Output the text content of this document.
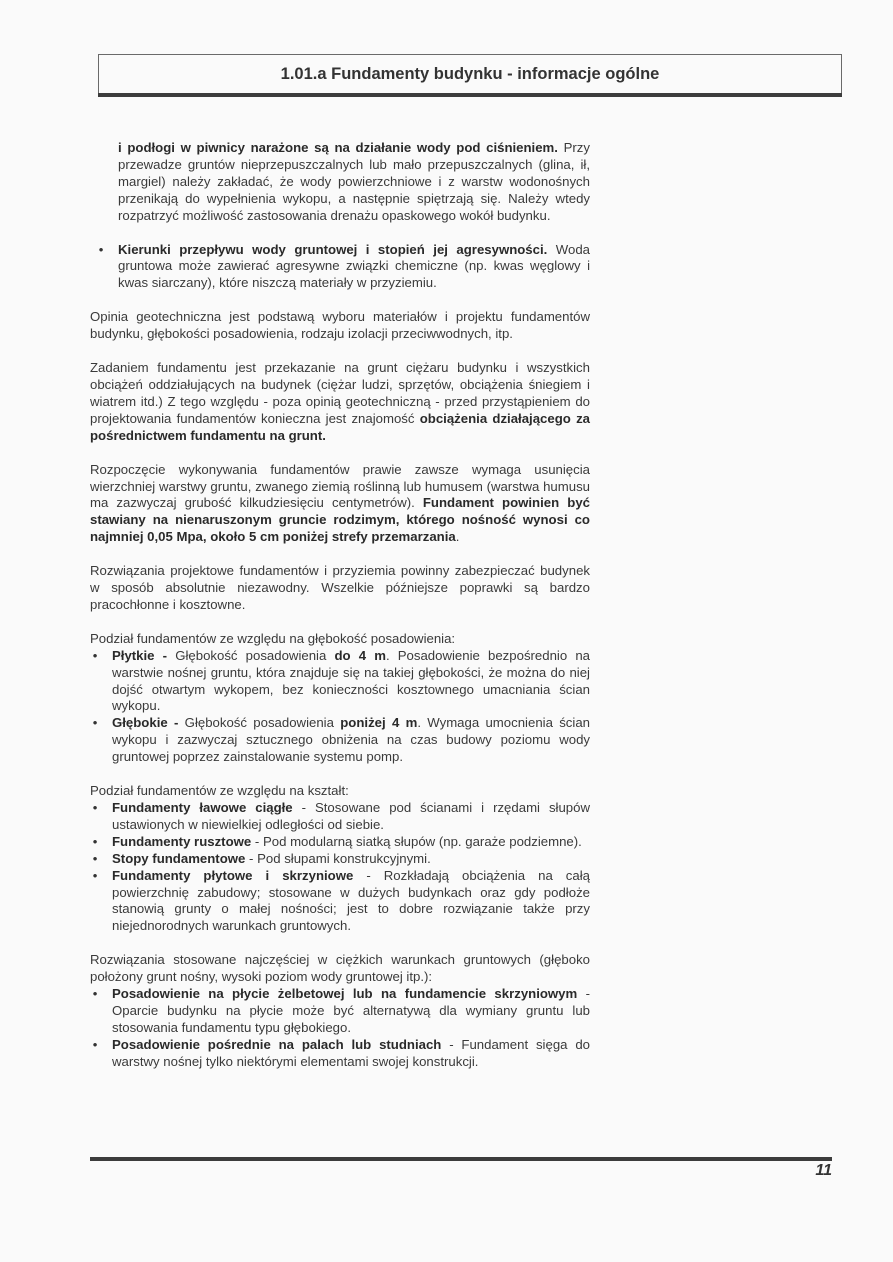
1.01.a Fundamenty budynku - informacje ogólne

i podłogi w piwnicy narażone są na działanie wody pod ciśnieniem. Przy przewadze gruntów nieprzepuszczalnych lub mało przepuszczalnych (glina, ił, margiel) należy zakładać, że wody powierzchniowe i z warstw wodonośnych przenikają do wypełnienia wykopu, a następnie spiętrzają się. Należy wtedy rozpatrzyć możliwość zastosowania drenażu opaskowego wokół budynku.

• Kierunki przepływu wody gruntowej i stopień jej agresywności. Woda gruntowa może zawierać agresywne związki chemiczne (np. kwas węglowy i kwas siarczany), które niszczą materiały w przyziemiu.

Opinia geotechniczna jest podstawą wyboru materiałów i projektu fundamentów budynku, głębokości posadowienia, rodzaju izolacji przeciwwodnych, itp.

Zadaniem fundamentu jest przekazanie na grunt ciężaru budynku i wszystkich obciążeń oddziałujących na budynek (ciężar ludzi, sprzętów, obciążenia śniegiem i wiatrem itd.) Z tego względu - poza opinią geotechniczną - przed przystąpieniem do projektowania fundamentów konieczna jest znajomość obciążenia działającego za pośrednictwem fundamentu na grunt.

Rozpoczęcie wykonywania fundamentów prawie zawsze wymaga usunięcia wierzchniej warstwy gruntu, zwanego ziemią roślinną lub humusem (warstwa humusu ma zazwyczaj grubość kilkudziesięciu centymetrów). Fundament powinien być stawiany na nienaruszonym gruncie rodzimym, którego nośność wynosi co najmniej 0,05 Mpa, około 5 cm poniżej strefy przemarzania.

Rozwiązania projektowe fundamentów i przyziemia powinny zabezpieczać budynek w sposób absolutnie niezawodny. Wszelkie późniejsze poprawki są bardzo pracochłonne i kosztowne.

Podział fundamentów ze względu na głębokość posadowienia:

• Płytkie - Głębokość posadowienia do 4 m. Posadowienie bezpośrednio na warstwie nośnej gruntu, która znajduje się na takiej głębokości, że można do niej dojść otwartym wykopem, bez konieczności kosztownego umacniania ścian wykopu.
• Głębokie - Głębokość posadowienia poniżej 4 m. Wymaga umocnienia ścian wykopu i zazwyczaj sztucznego obniżenia na czas budowy poziomu wody gruntowej poprzez zainstalowanie systemu pomp.

Podział fundamentów ze względu na kształt:

• Fundamenty ławowe ciągłe - Stosowane pod ścianami i rzędami słupów ustawionych w niewielkiej odległości od siebie.
• Fundamenty rusztowe - Pod modularną siatką słupów (np. garaże podziemne).
• Stopy fundamentowe - Pod słupami konstrukcyjnymi.
• Fundamenty płytowe i skrzyniowe - Rozkładają obciążenia na całą powierzchnię zabudowy; stosowane w dużych budynkach oraz gdy podłoże stanowią grunty o małej nośności; jest to dobre rozwiązanie także przy niejednorodnych warunkach gruntowych.

Rozwiązania stosowane najczęściej w ciężkich warunkach gruntowych (głęboko położony grunt nośny, wysoki poziom wody gruntowej itp.):

• Posadowienie na płycie żelbetowej lub na fundamencie skrzyniowym - Oparcie budynku na płycie może być alternatywą dla wymiany gruntu lub stosowania fundamentu typu głębokiego.
• Posadowienie pośrednie na palach lub studniach - Fundament sięga do warstwy nośnej tylko niektórymi elementami swojej konstrukcji.
11
